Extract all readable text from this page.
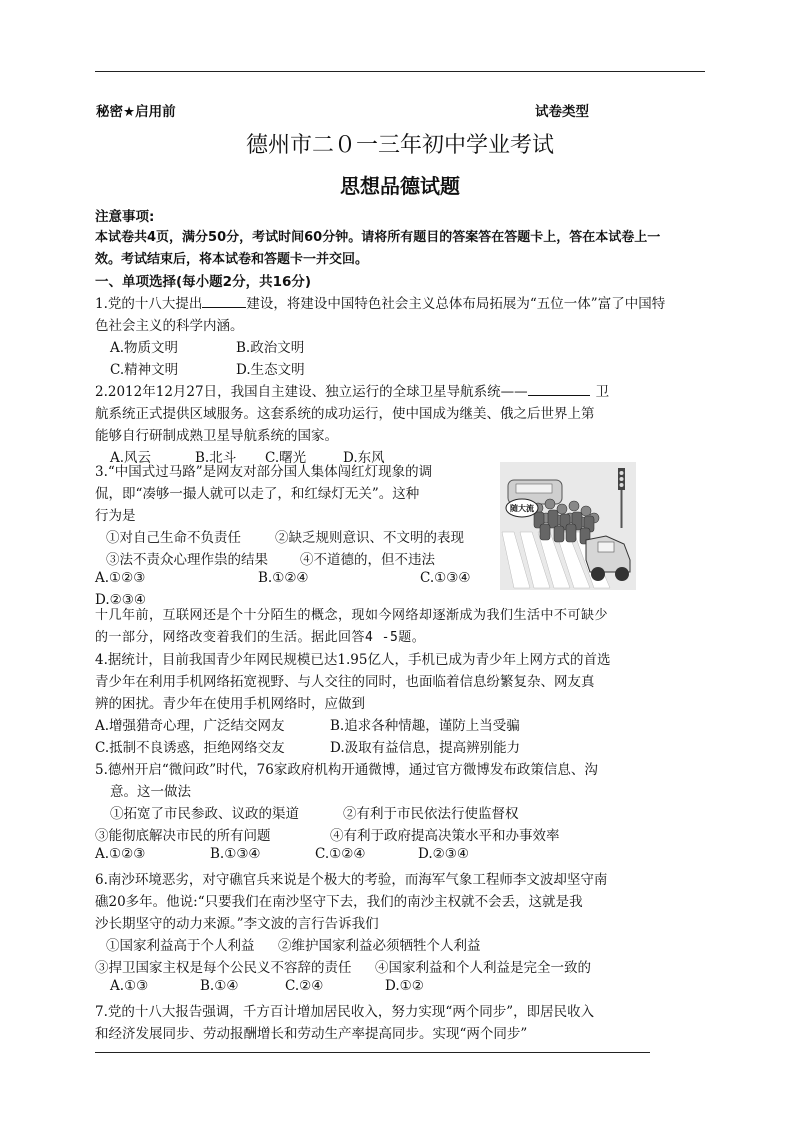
秘密★启用前	试卷类型
德州市二０一三年初中学业考试
思想品德试题
注意事项:
本试卷共4页，满分50分，考试时间60分钟。请将所有题目的答案答在答题卡上，答在本试卷上一
效。考试结束后，将本试卷和答题卡一并交回。
一、单项选择(每小题2分，共16分)
1.党的十八大提出	建设，将建设中国特色社会主义总体布局拓展为“五位一体”富了中国特
色社会主义的科学内涵。
A.物质文明	B.政治文明
C.精神文明	D.生态文明
2.2012年12月27日，我国自主建设、独立运行的全球卫星导航系统——	卫
航系统正式提供区域服务。这套系统的成功运行，使中国成为继美、俄之后世界上第
能够自行研制成熟卫星导航系统的国家。
A.风云	B.北斗 C.曙光	D.东风
3.“中国式过马路”是网友对部分国人集体闯红灯现象的调
侃，即“凑够一撮人就可以走了，和红绿灯无关”。这种
行为是
①对自己生命不负责任	②缺乏规则意识、不文明的表现
③法不责众心理作祟的结果 ④不道德的，但不违法
A.①②③	B.①②④	C.①③④
D.②③④
随大流
十几年前，互联网还是个十分陌生的概念，现如今网络却逐渐成为我们生活中不可缺少
的一部分，网络改变着我们的生活。据此回答4 -5题。
4.据统计，目前我国青少年网民规模已达1.95亿人，手机已成为青少年上网方式的首选
青少年在利用手机网络拓宽视野、与人交往的同时，也面临着信息纷繁复杂、网友真
辨的困扰。青少年在使用手机网络时，应做到
A.增强猎奇心理，广泛结交网友	B.追求各种情趣，谨防上当受骗
C.抵制不良诱惑，拒绝网络交友	D.汲取有益信息，提高辨别能力
5.德州开启“微问政”时代，76家政府机构开通微博，通过官方微博发布政策信息、沟
意。这一做法
①拓宽了市民参政、议政的渠道	②有利于市民依法行使监督权
③能彻底解决市民的所有问题	④有利于政府提高决策水平和办事效率
A.①②③	B.①③④	C.①②④	D.②③④
6.南沙环境恶劣，对守礁官兵来说是个极大的考验，而海军气象工程师李文波却坚守南
礁20多年。他说:“只要我们在南沙坚守下去，我们的南沙主权就不会丢，这就是我
沙长期坚守的动力来源。”李文波的言行告诉我们
①国家利益高于个人利益 ②维护国家利益必须牺牲个人利益
③捍卫国家主权是每个公民义不容辞的责任 ④国家利益和个人利益是完全一致的
A.①③	B.①④	C.②④	D.①②
7.党的十八大报告强调，千方百计增加居民收入，努力实现“两个同步”，即居民收入
和经济发展同步、劳动报酬增长和劳动生产率提高同步。实现“两个同步”
